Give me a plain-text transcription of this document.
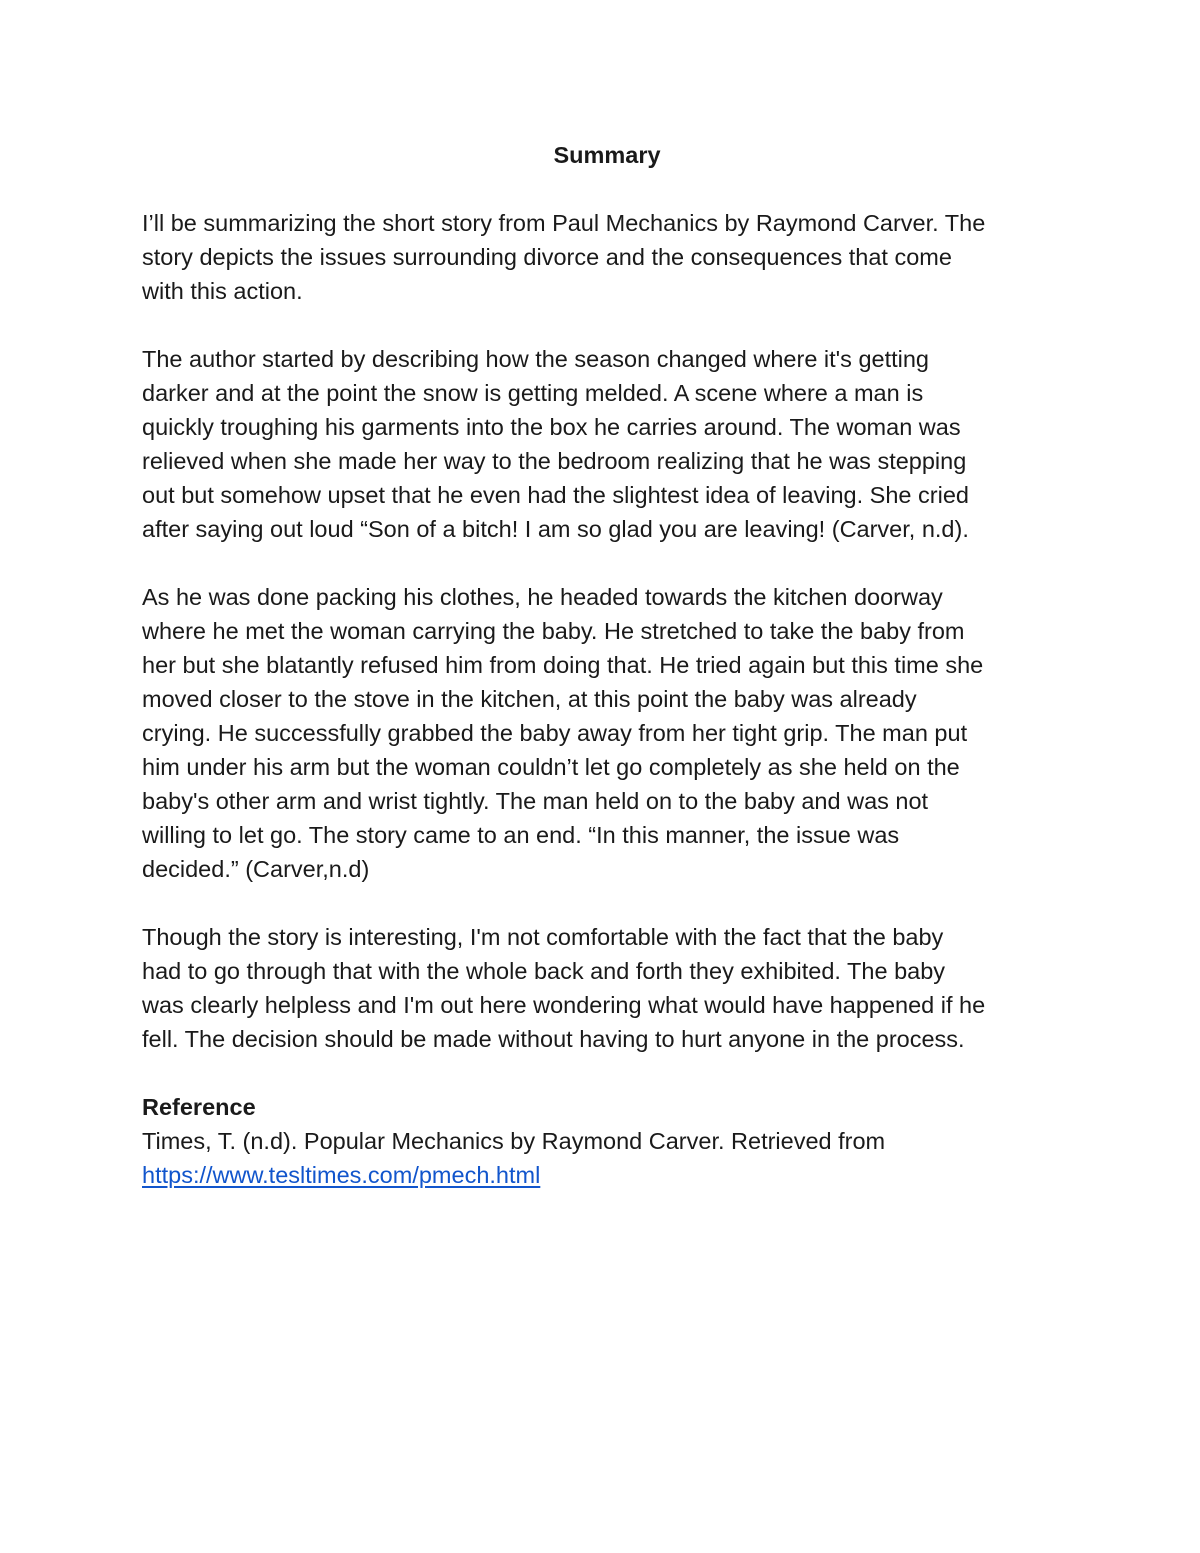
Summary

I’ll be summarizing the short story from Paul Mechanics by Raymond Carver. The
story depicts the issues surrounding divorce and the consequences that come
with this action.

The author started by describing how the season changed where it's getting
darker and at the point the snow is getting melded. A scene where a man is
quickly troughing his garments into the box he carries around. The woman was
relieved when she made her way to the bedroom realizing that he was stepping
out but somehow upset that he even had the slightest idea of leaving. She cried
after saying out loud “Son of a bitch! I am so glad you are leaving! (Carver, n.d).

As he was done packing his clothes, he headed towards the kitchen doorway
where he met the woman carrying the baby. He stretched to take the baby from
her but she blatantly refused him from doing that. He tried again but this time she
moved closer to the stove in the kitchen, at this point the baby was already
crying. He successfully grabbed the baby away from her tight grip. The man put
him under his arm but the woman couldn’t let go completely as she held on the
baby's other arm and wrist tightly. The man held on to the baby and was not
willing to let go. The story came to an end. “In this manner, the issue was
decided.” (Carver,n.d)

Though the story is interesting, I'm not comfortable with the fact that the baby
had to go through that with the whole back and forth they exhibited. The baby
was clearly helpless and I'm out here wondering what would have happened if he
fell. The decision should be made without having to hurt anyone in the process.

Reference

Times, T. (n.d). Popular Mechanics by Raymond Carver. Retrieved from

https://www.tesltimes.com/pmech.html
